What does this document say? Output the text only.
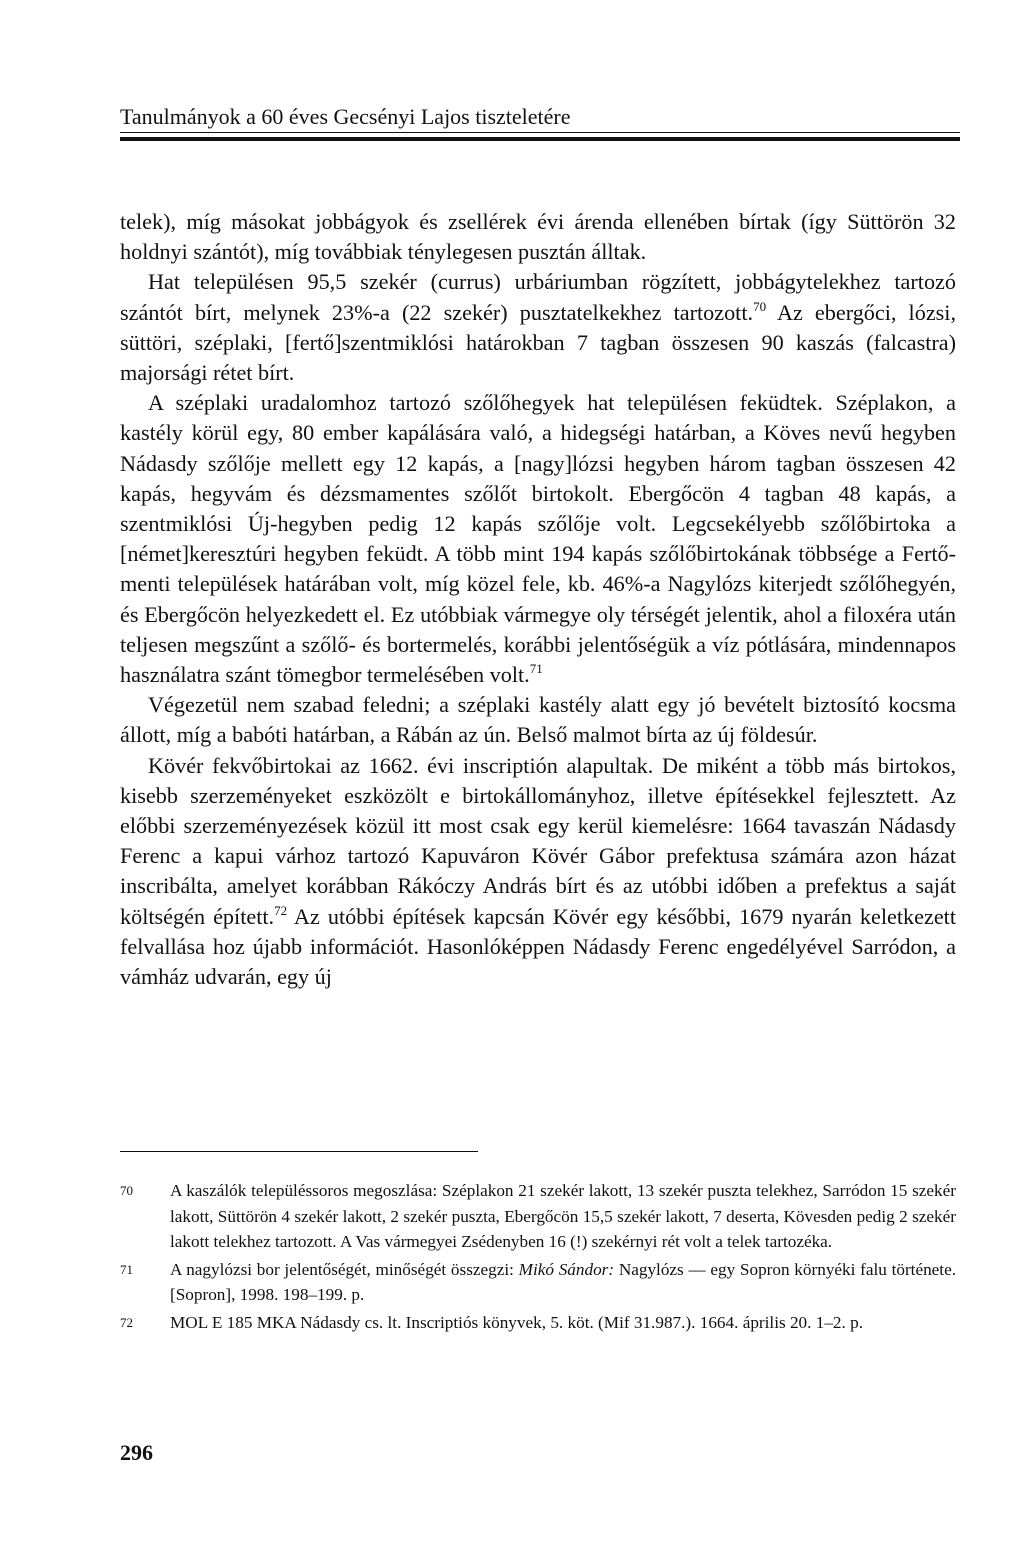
Tanulmányok a 60 éves Gecsényi Lajos tiszteletére

telek), míg másokat jobbágyok és zsellérek évi árenda ellenében bírtak (így Süttörön 32 holdnyi szántót), míg továbbiak ténylegesen pusztán álltak.

Hat településen 95,5 szekér (currus) urbáriumban rögzített, jobbágytelekhez tartozó szántót bírt, melynek 23%-a (22 szekér) pusztatelkekhez tartozott.$^{70}$ Az ebergőci, lózsi, süttöri, széplaki, [fertő]szentmiklósi határokban 7 tagban összesen 90 kaszás (falcastra) majorsági rétet bírt.

A széplaki uradalomhoz tartozó szőlőhegyek hat településen feküdtek. Széplakon, a kastély körül egy, 80 ember kapálására való, a hidegségi határban, a Köves nevű hegyben Nádasdy szőlője mellett egy 12 kapás, a [nagy]lózsi hegyben három tagban összesen 42 kapás, hegyvám és dézsmamentes szőlőt birtokolt. Ebergőcön 4 tagban 48 kapás, a szentmiklósi Új-hegyben pedig 12 kapás szőlője volt. Legcsekélyebb szőlőbirtoka a [német]keresztúri hegyben feküdt. A több mint 194 kapás szőlőbirtokának többsége a Fertő-menti települések határában volt, míg közel fele, kb. 46%-a Nagylózs kiterjedt szőlőhegyén, és Ebergőcön helyezkedett el. Ez utóbbiak vármegye oly térségét jelentik, ahol a filoxéra után teljesen megszűnt a szőlő- és bortermelés, korábbi jelentőségük a víz pótlására, mindennapos használatra szánt tömegbor termelésében volt.$^{71}$

Végezetül nem szabad feledni; a széplaki kastély alatt egy jó bevételt biztosító kocsma állott, míg a babóti határban, a Rábán az ún. Belső malmot bírta az új földesúr.

Kövér fekvőbirtokai az 1662. évi inscriptión alapultak. De miként a több más birtokos, kisebb szerzeményeket eszközölt e birtokállományhoz, illetve építésekkel fejlesztett. Az előbbi szerzeményezések közül itt most csak egy kerül kiemelésre: 1664 tavaszán Nádasdy Ferenc a kapui várhoz tartozó Kapuváron Kövér Gábor prefektusa számára azon házat inscribálta, amelyet korábban Rákóczy András bírt és az utóbbi időben a prefektus a saját költségén épített.$^{72}$ Az utóbbi építések kapcsán Kövér egy későbbi, 1679 nyarán keletkezett felvallása hoz újabb információt. Hasonlóképpen Nádasdy Ferenc engedélyével Sarródon, a vámház udvarán, egy új

70 A kaszálók településsoros megoszlása: Széplakon 21 szekér lakott, 13 szekér puszta telekhez, Sarródon 15 szekér lakott, Süttörön 4 szekér lakott, 2 szekér puszta, Ebergőcön 15,5 szekér lakott, 7 deserta, Kövesden pedig 2 szekér lakott telekhez tartozott. A Vas vármegyei Zsédenyben 16 (!) szekérnyi rét volt a telek tartozéka.
71 A nagylózsi bor jelentőségét, minőségét összegzi: Mikó Sándor: Nagylózs — egy Sopron környéki falu története. [Sopron], 1998. 198–199. p.
72 MOL E 185 MKA Nádasdy cs. lt. Inscriptiós könyvek, 5. köt. (Mif 31.987.). 1664. április 20. 1–2. p.
296
